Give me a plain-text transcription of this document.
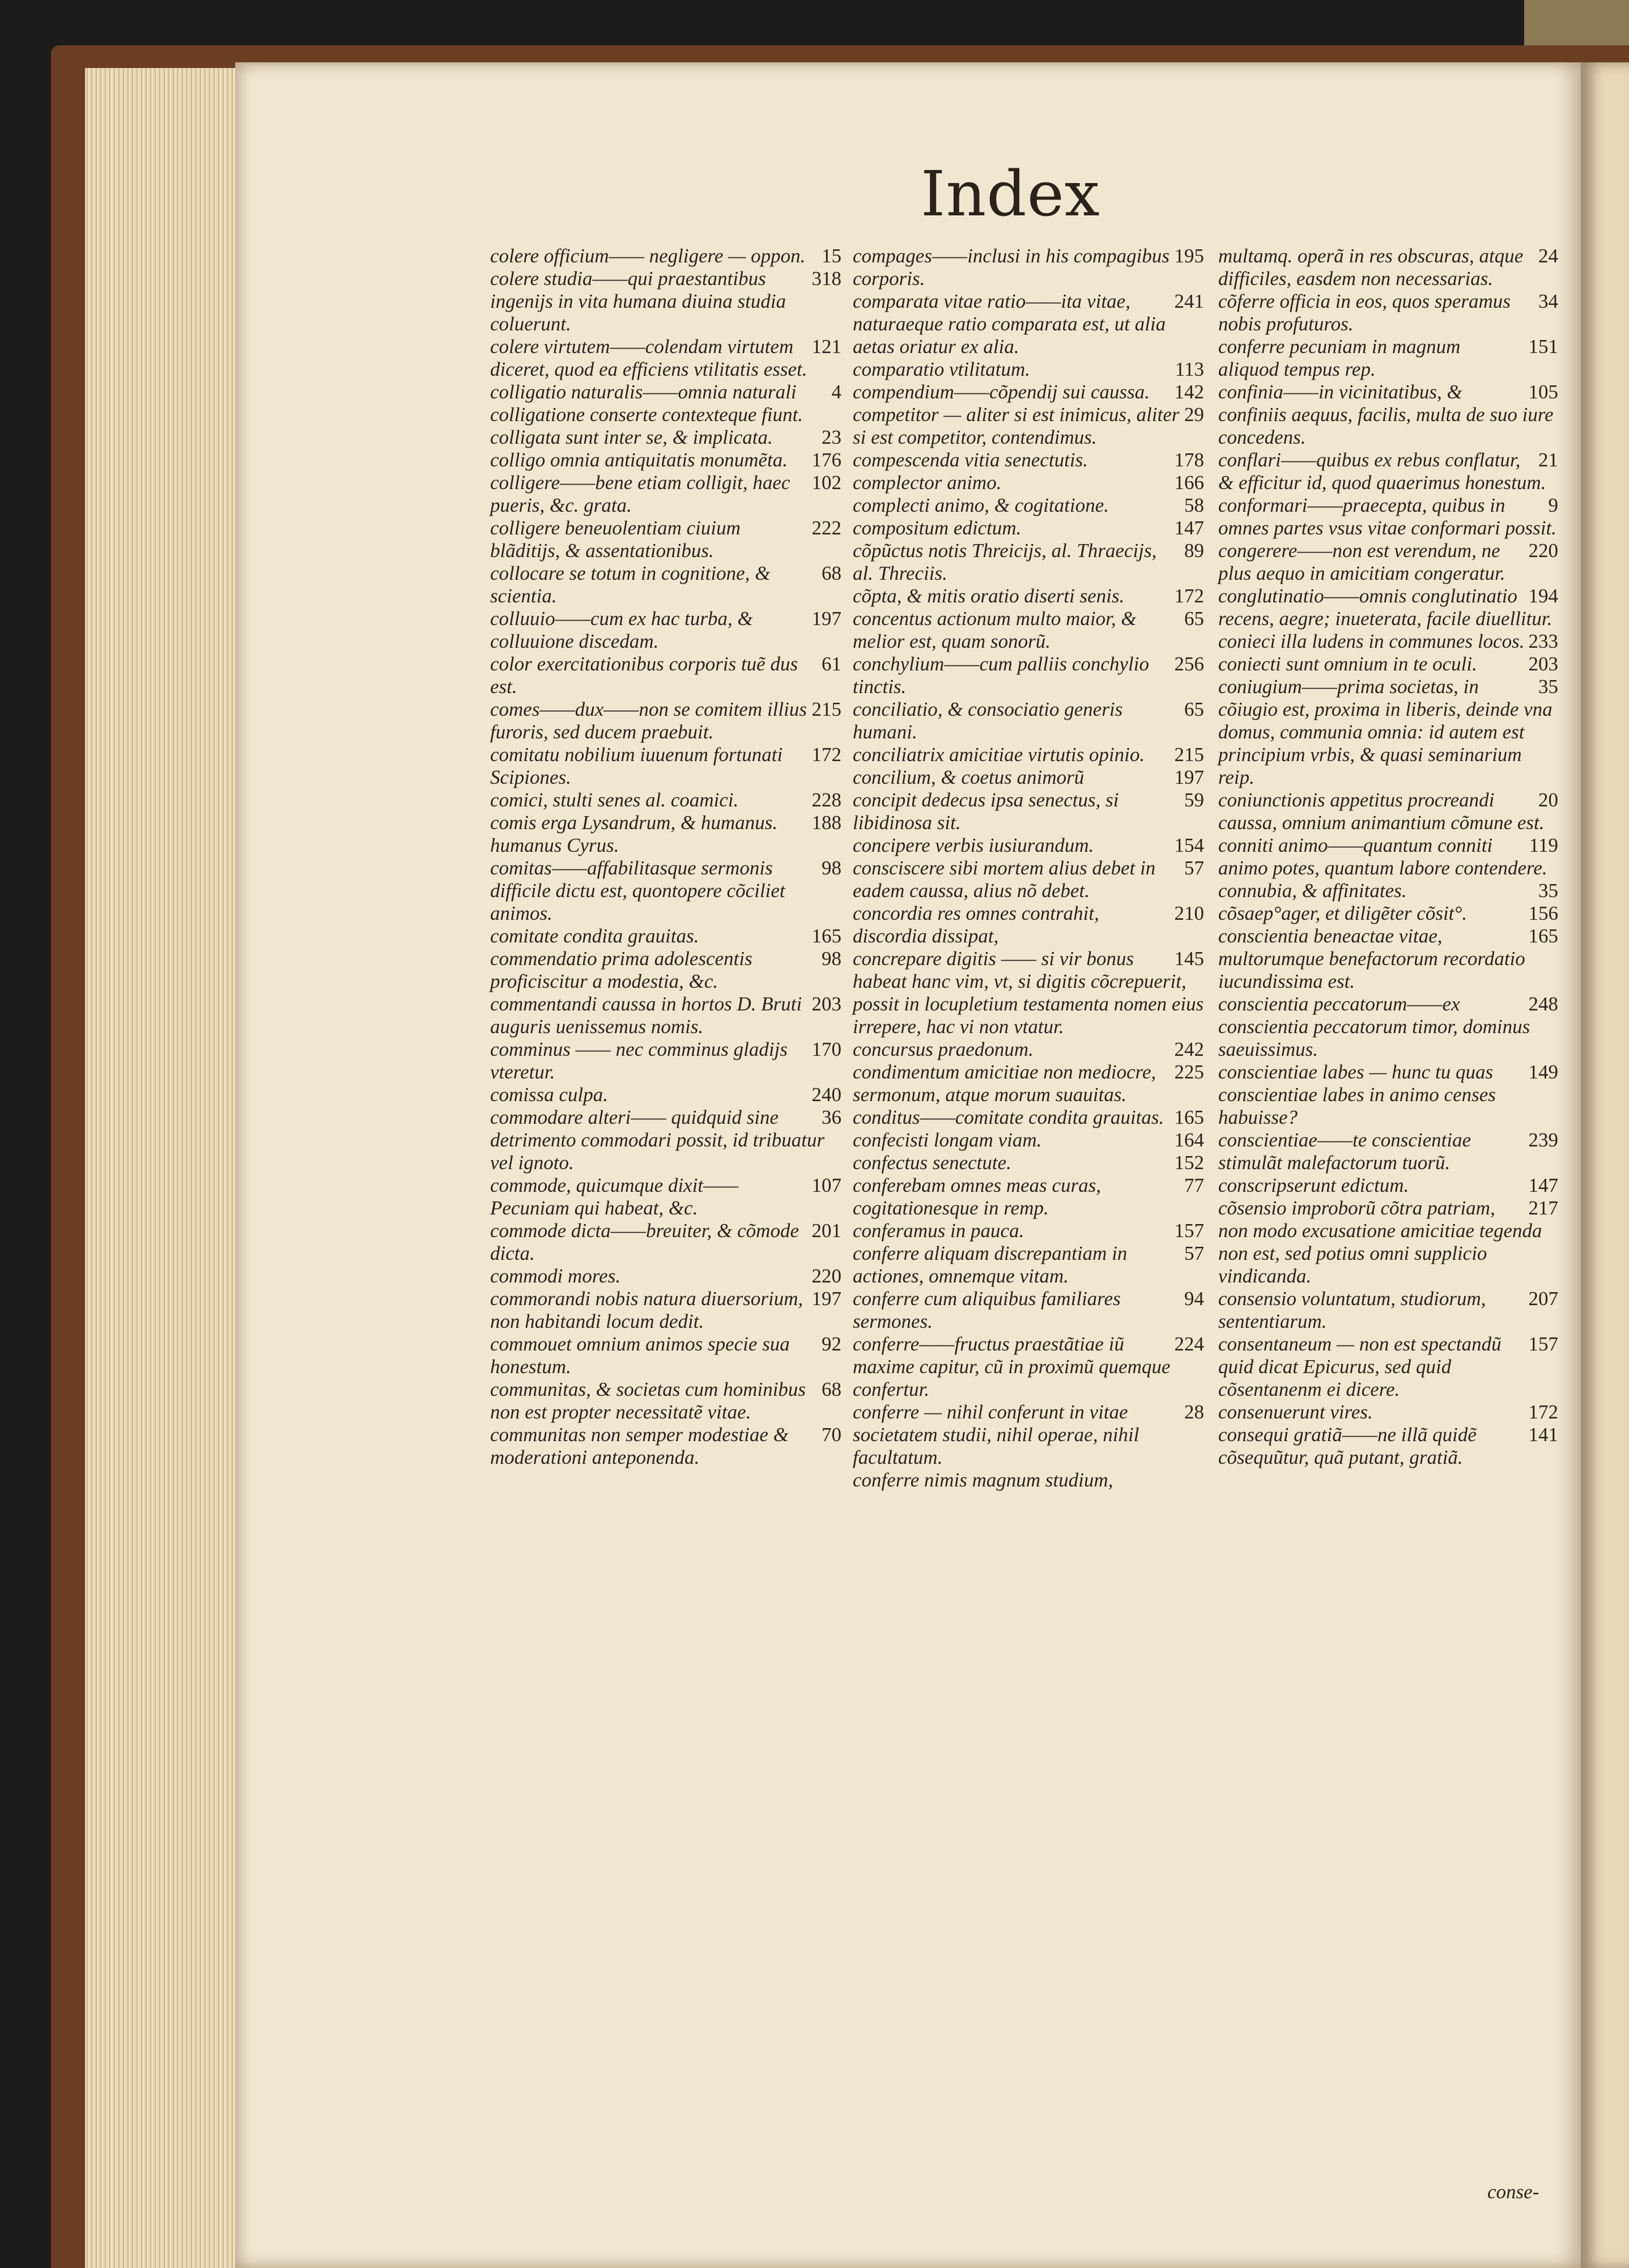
Index
15
colere officium—— negligere — oppon.
318
colere studia——qui praestantibus ingenijs in vita humana diuina studia coluerunt.
121
colere virtutem——colendam virtutem diceret, quod ea efficiens vtilitatis esset.
4
colligatio naturalis——omnia naturali colligatione conserte contexteque fiunt.
23
colligata sunt inter se, & implicata.
176
colligo omnia antiquitatis monumẽta.
102
colligere——bene etiam colligit, haec pueris, &c. grata.
222
colligere beneuolentiam ciuium blãditijs, & assentationibus.
68
collocare se totum in cognitione, & scientia.
197
colluuio——cum ex hac turba, & colluuione discedam.
61
color exercitationibus corporis tuẽ dus est.
215
comes——dux——non se comitem illius furoris, sed ducem praebuit.
172
comitatu nobilium iuuenum fortunati Scipiones.
228
comici, stulti senes al. coamici.
188
comis erga Lysandrum, & humanus. humanus Cyrus.
98
comitas——affabilitasque sermonis difficile dictu est, quontopere cõciliet animos.
165
comitate condita grauitas.
98
commendatio prima adolescentis proficiscitur a modestia, &c.
203
commentandi caussa in hortos D. Bruti auguris uenissemus nomis.
170
comminus —— nec comminus gladijs vteretur.
240
comissa culpa.
36
commodare alteri—— quidquid sine detrimento commodari possit, id tribuatur vel ignoto.
107
commode, quicumque dixit——Pecuniam qui habeat, &c.
201
commode dicta——breuiter, & cõmode dicta.
220
commodi mores.
197
commorandi nobis natura diuersorium, non habitandi locum dedit.
92
commouet omnium animos specie sua honestum.
68
communitas, & societas cum hominibus non est propter necessitatẽ vitae.
70
communitas non semper modestiae & moderationi anteponenda.
195
compages——inclusi in his compagibus corporis.
241
comparata vitae ratio——ita vitae, naturaeque ratio comparata est, ut alia aetas oriatur ex alia.
113
comparatio vtilitatum.
142
compendium——cõpendij sui caussa.
29
competitor — aliter si est inimicus, aliter si est competitor, contendimus.
178
compescenda vitia senectutis.
166
complector animo.
58
complecti animo, & cogitatione.
147
compositum edictum.
89
cõpũctus notis Threicijs, al. Thraecijs, al. Threciis.
172
cõpta, & mitis oratio diserti senis.
65
concentus actionum multo maior, & melior est, quam sonorũ.
256
conchylium——cum palliis conchylio tinctis.
65
conciliatio, & consociatio generis humani.
215
conciliatrix amicitiae virtutis opinio.
197
concilium, & coetus animorũ
59
concipit dedecus ipsa senectus, si libidinosa sit.
154
concipere verbis iusiurandum.
57
consciscere sibi mortem alius debet in eadem caussa, alius nõ debet.
210
concordia res omnes contrahit, discordia dissipat,
145
concrepare digitis —— si vir bonus habeat hanc vim, vt, si digitis cõcrepuerit, possit in locupletium testamenta nomen eius irrepere, hac vi non vtatur.
242
concursus praedonum.
225
condimentum amicitiae non mediocre, sermonum, atque morum suauitas.
165
conditus——comitate condita grauitas.
164
confecisti longam viam.
152
confectus senectute.
77
conferebam omnes meas curas, cogitationesque in remp.
157
conferamus in pauca.
57
conferre aliquam discrepantiam in actiones, omnemque vitam.
94
conferre cum aliquibus familiares sermones.
224
conferre——fructus praestãtiae iũ maxime capitur, cũ in proximũ quemque confertur.
28
conferre — nihil conferunt in vitae societatem studii, nihil operae, nihil facultatum.
conferre nimis magnum studium,
24
multamq. operã in res obscuras, atque difficiles, easdem non necessarias.
34
cõferre officia in eos, quos speramus nobis profuturos.
151
conferre pecuniam in magnum aliquod tempus rep.
105
confinia——in vicinitatibus, & confiniis aequus, facilis, multa de suo iure concedens.
21
conflari——quibus ex rebus conflatur, & efficitur id, quod quaerimus honestum.
9
conformari——praecepta, quibus in omnes partes vsus vitae conformari possit.
220
congerere——non est verendum, ne plus aequo in amicitiam congeratur.
194
conglutinatio——omnis conglutinatio recens, aegre; inueterata, facile diuellitur.
233
conieci illa ludens in communes locos.
203
coniecti sunt omnium in te oculi.
35
coniugium——prima societas, in cõiugio est, proxima in liberis, deinde vna domus, communia omnia: id autem est principium vrbis, & quasi seminarium reip.
20
coniunctionis appetitus procreandi caussa, omnium animantium cõmune est.
119
conniti animo——quantum conniti animo potes, quantum labore contendere.
35
connubia, & affinitates.
156
cõsaep°ager, et diligẽter cõsit°.
165
conscientia beneactae vitae, multorumque benefactorum recordatio iucundissima est.
248
conscientia peccatorum——ex conscientia peccatorum timor, dominus saeuissimus.
149
conscientiae labes — hunc tu quas conscientiae labes in animo censes habuisse?
239
conscientiae——te conscientiae stimulãt malefactorum tuorũ.
147
conscripserunt edictum.
217
cõsensio improborũ cõtra patriam, non modo excusatione amicitiae tegenda non est, sed potius omni supplicio vindicanda.
207
consensio voluntatum, studiorum, sententiarum.
157
consentaneum — non est spectandũ quid dicat Epicurus, sed quid cõsentanenm ei dicere.
172
consenuerunt vires.
141
consequi gratiã——ne illã quidẽ cõsequũtur, quã putant, gratiã.
conse-
